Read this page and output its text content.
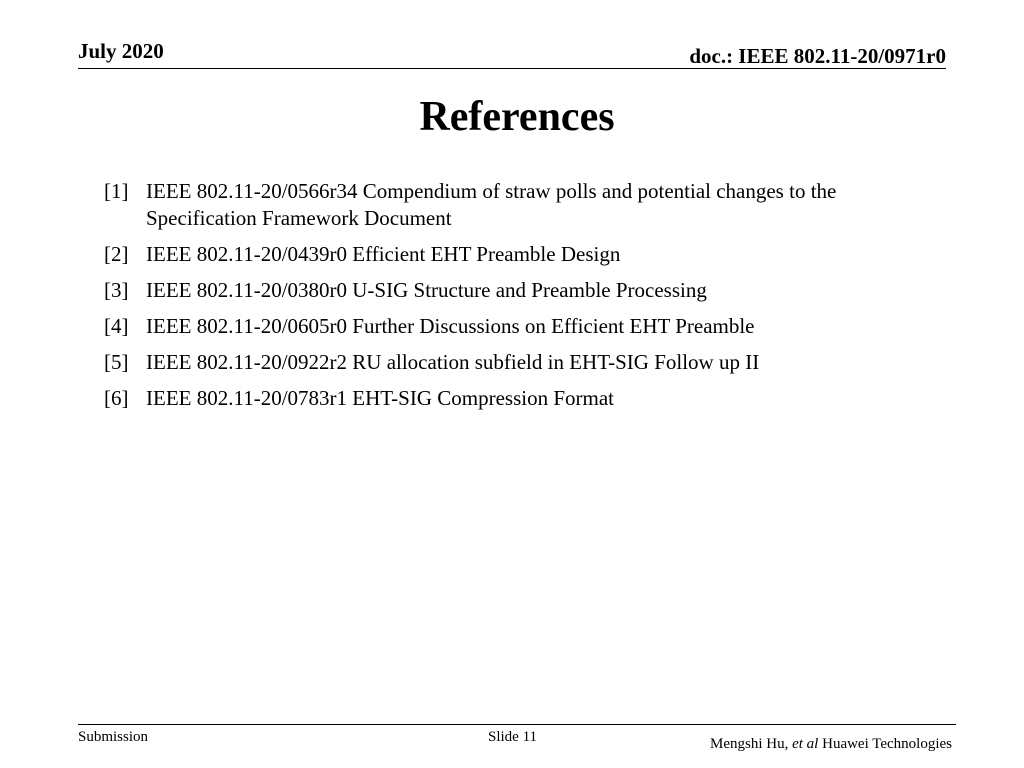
July 2020	doc.: IEEE 802.11-20/0971r0
References
[1] IEEE 802.11-20/0566r34 Compendium of straw polls and potential changes to the Specification Framework Document
[2] IEEE 802.11-20/0439r0 Efficient EHT Preamble Design
[3] IEEE 802.11-20/0380r0 U-SIG Structure and Preamble Processing
[4] IEEE 802.11-20/0605r0 Further Discussions on Efficient EHT Preamble
[5] IEEE 802.11-20/0922r2 RU allocation subfield in EHT-SIG Follow up II
[6] IEEE 802.11-20/0783r1 EHT-SIG Compression Format
Submission	Slide 11	Mengshi Hu, et al Huawei Technologies
